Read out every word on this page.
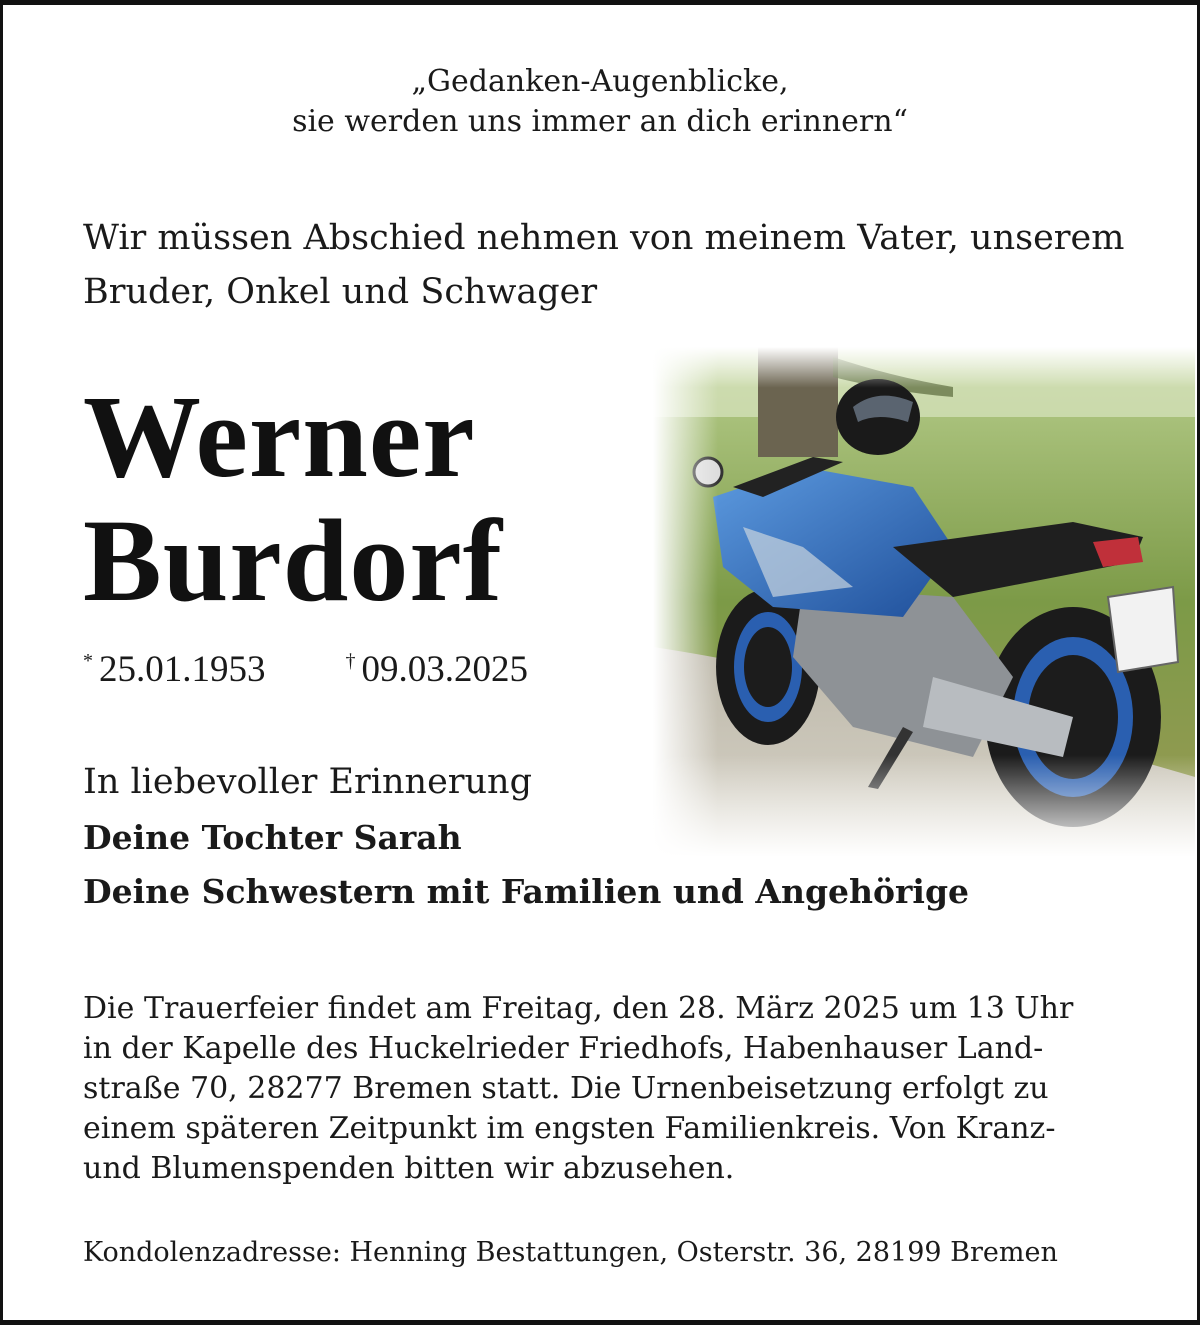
„Gedanken-Augenblicke,

sie werden uns immer an dich erinnern“

Wir müssen Abschied nehmen von meinem Vater, unserem

Bruder, Onkel und Schwager

Werner

Burdorf

* 25.01.1953	† 09.03.2025

In liebevoller Erinnerung

Deine Tochter Sarah

Deine Schwestern mit Familien und Angehörige

Die Trauerfeier findet am Freitag, den 28. März 2025 um 13 Uhr
in der Kapelle des Huckelrieder Friedhofs, Habenhauser Land-
straße 70, 28277 Bremen statt. Die Urnenbeisetzung erfolgt zu
einem späteren Zeitpunkt im engsten Familienkreis. Von Kranz-
und Blumenspenden bitten wir abzusehen.

Kondolenzadresse: Henning Bestattungen, Osterstr. 36, 28199 Bremen
